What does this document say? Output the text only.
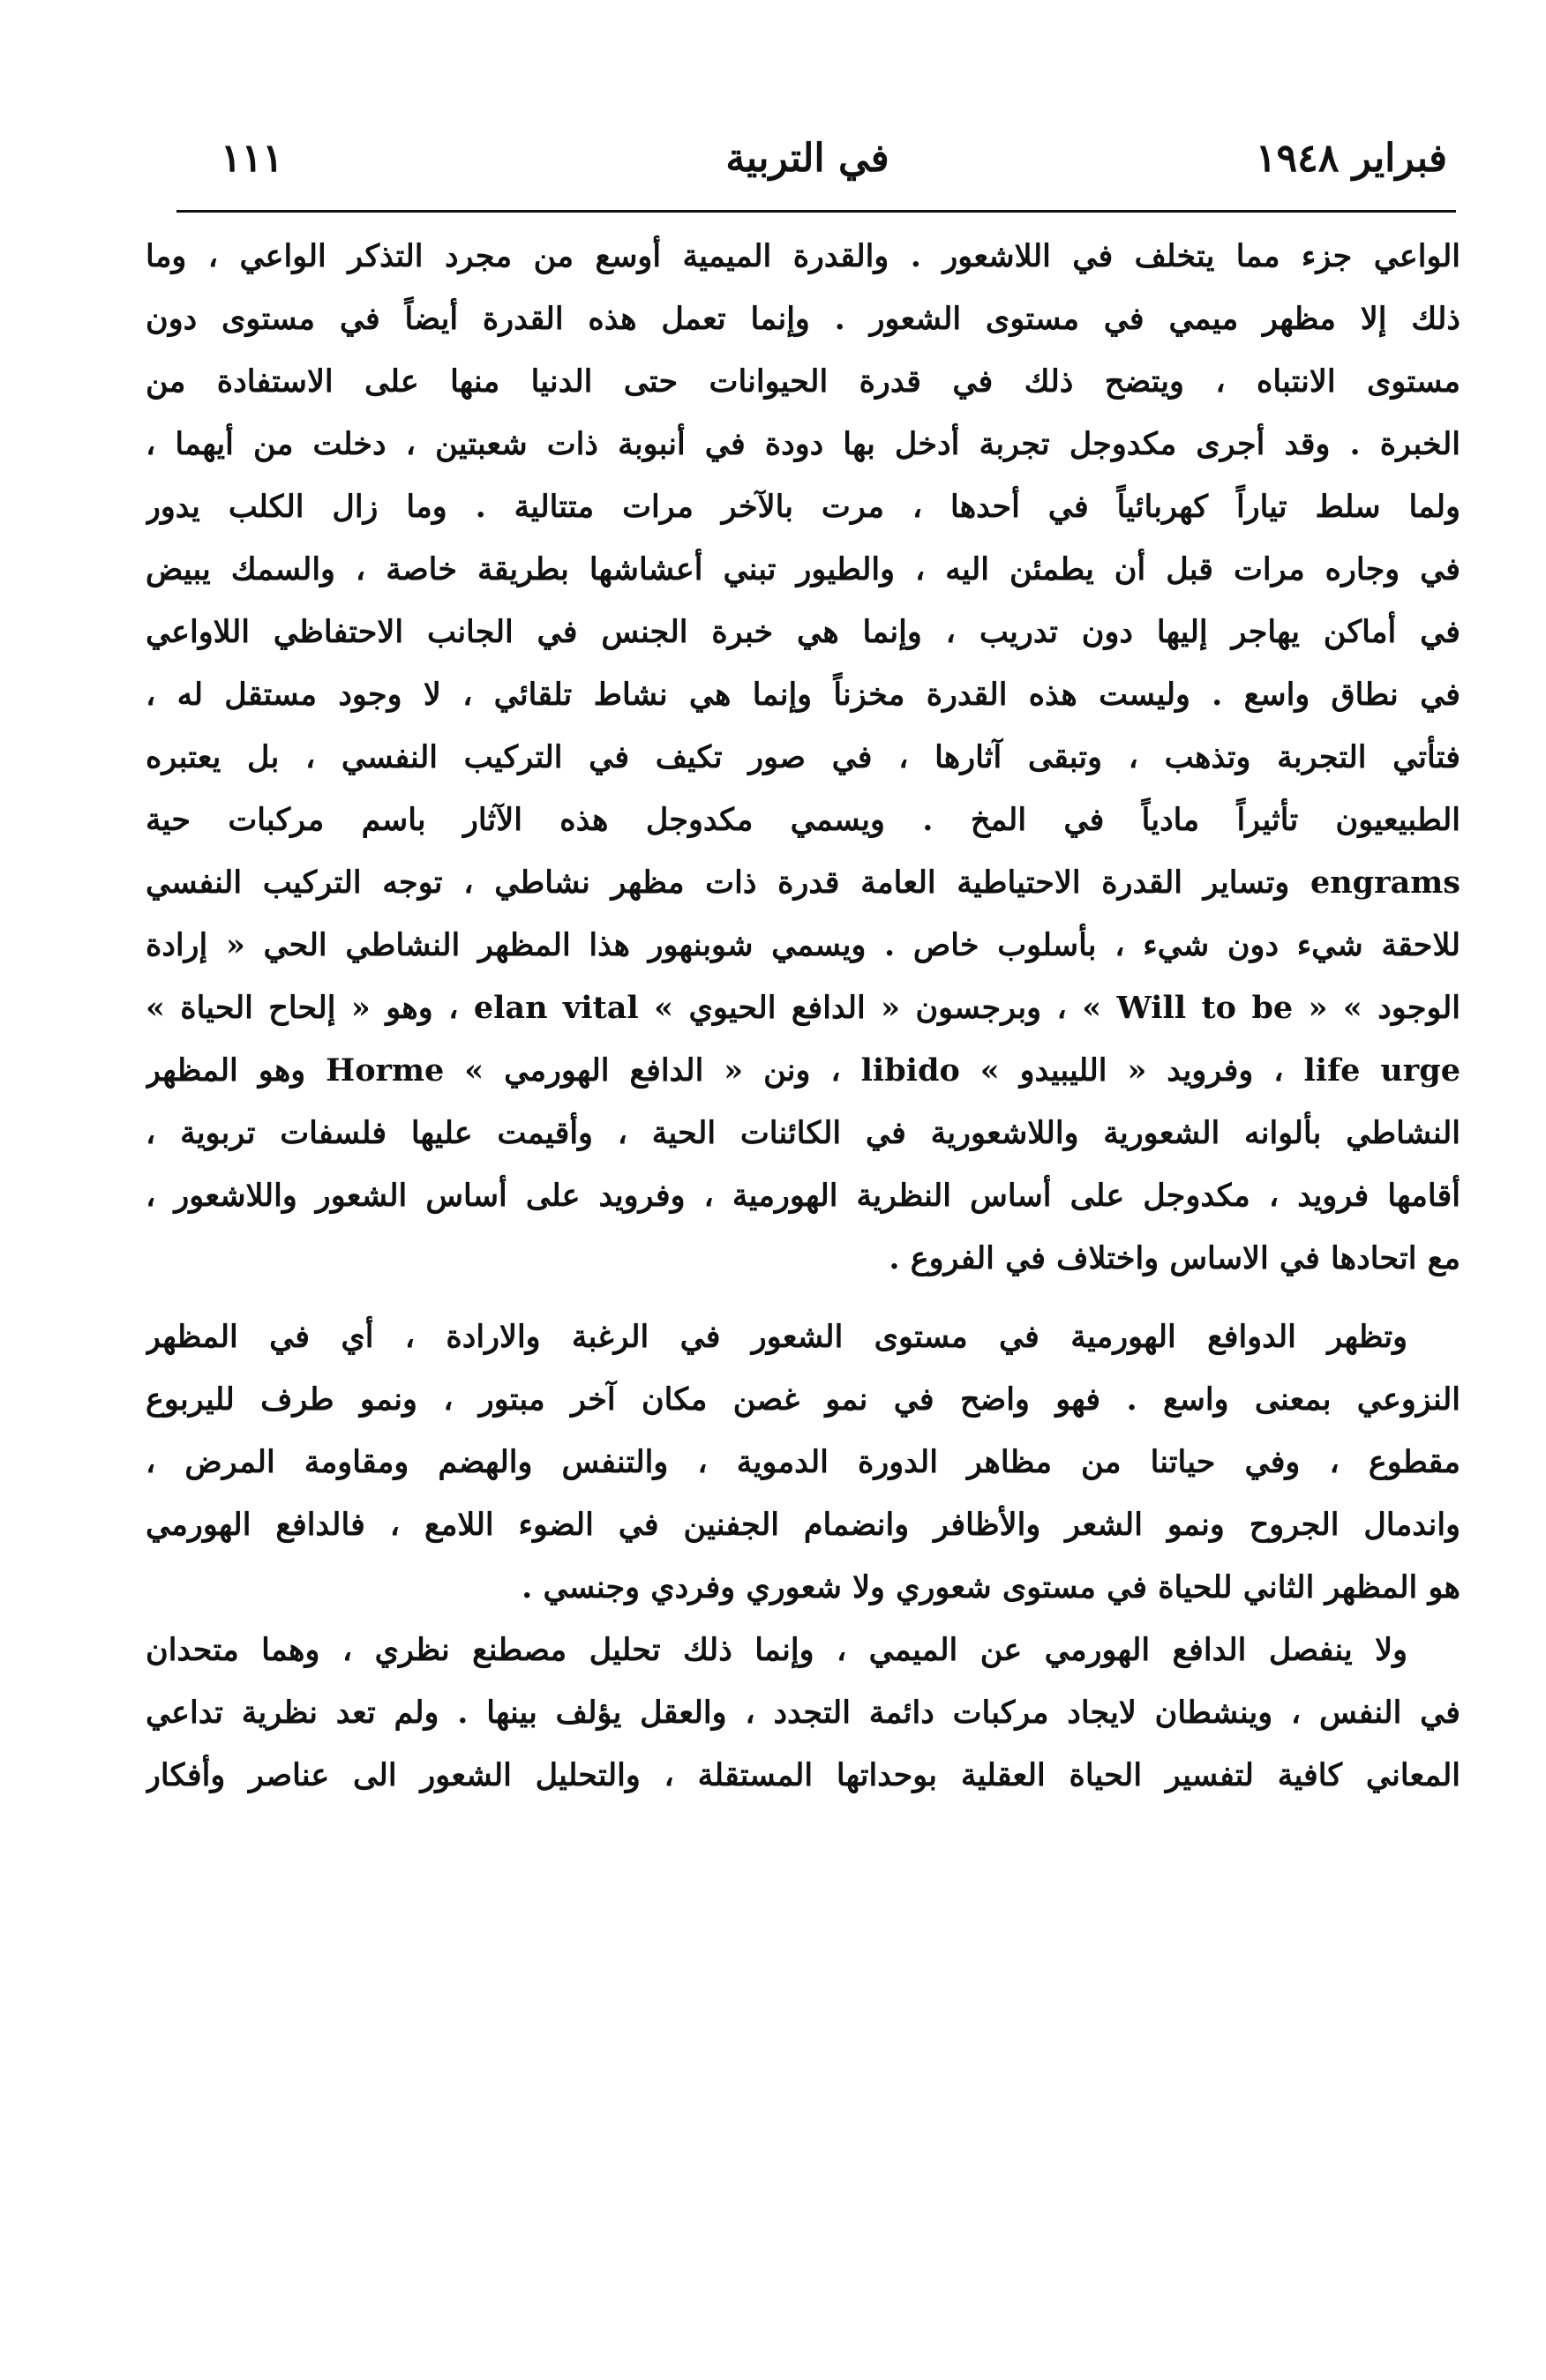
١١١	في التربية	فبراير ١٩٤٨
الواعي جزء مما يتخلف في اللاشعور . والقدرة الميمية أوسع من مجرد التذكر الواعي ، وما
ذلك إلا مظهر ميمي في مستوى الشعور . وإنما تعمل هذه القدرة أيضاً في مستوى دون
مستوى الانتباه ، ويتضح ذلك في قدرة الحيوانات حتى الدنيا منها على الاستفادة من
الخبرة . وقد أجرى مكدوجل تجربة أدخل بها دودة في أنبوبة ذات شعبتين ، دخلت من أيهما ،
ولما سلط تياراً كهربائياً في أحدها ، مرت بالآخر مرات متتالية . وما زال الكلب يدور
في وجاره مرات قبل أن يطمئن اليه ، والطيور تبني أعشاشها بطريقة خاصة ، والسمك يبيض
في أماكن يهاجر إليها دون تدريب ، وإنما هي خبرة الجنس في الجانب الاحتفاظي اللاواعي
في نطاق واسع . وليست هذه القدرة مخزناً وإنما هي نشاط تلقائي ، لا وجود مستقل له ،
فتأتي التجربة وتذهب ، وتبقى آثارها ، في صور تكيف في التركيب النفسي ، بل يعتبره
الطبيعيون تأثيراً مادياً في المخ . ويسمي مكدوجل هذه الآثار باسم مركبات حية
engrams وتساير القدرة الاحتياطية العامة قدرة ذات مظهر نشاطي ، توجه التركيب النفسي
للاحقة شيء دون شيء ، بأسلوب خاص . ويسمي شوبنهور هذا المظهر النشاطي الحي « إرادة
الوجود » « Will to be » ، وبرجسون « الدافع الحيوي » elan vital ، وهو « إلحاح الحياة »
life urge ، وفرويد « الليبيدو » libido ، ونن « الدافع الهورمي » Horme وهو المظهر
النشاطي بألوانه الشعورية واللاشعورية في الكائنات الحية ، وأقيمت عليها فلسفات تربوية ،
أقامها فرويد ، مكدوجل على أساس النظرية الهورمية ، وفرويد على أساس الشعور واللاشعور ،
مع اتحادها في الاساس واختلاف في الفروع .
وتظهر الدوافع الهورمية في مستوى الشعور في الرغبة والارادة ، أي في المظهر
النزوعي بمعنى واسع . فهو واضح في نمو غصن مكان آخر مبتور ، ونمو طرف لليربوع
مقطوع ، وفي حياتنا من مظاهر الدورة الدموية ، والتنفس والهضم ومقاومة المرض ،
واندمال الجروح ونمو الشعر والأظافر وانضمام الجفنين في الضوء اللامع ، فالدافع الهورمي
هو المظهر الثاني للحياة في مستوى شعوري ولا شعوري وفردي وجنسي .
ولا ينفصل الدافع الهورمي عن الميمي ، وإنما ذلك تحليل مصطنع نظري ، وهما متحدان
في النفس ، وينشطان لايجاد مركبات دائمة التجدد ، والعقل يؤلف بينها . ولم تعد نظرية تداعي
المعاني كافية لتفسير الحياة العقلية بوحداتها المستقلة ، والتحليل الشعور الى عناصر وأفكار
